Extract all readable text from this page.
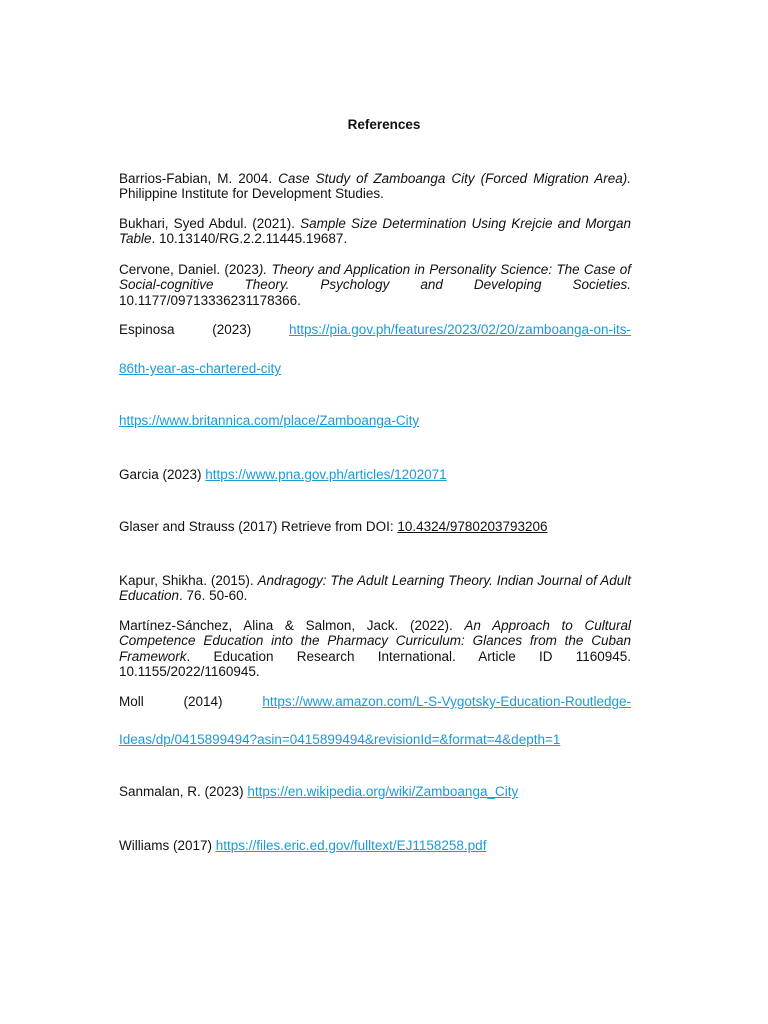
References
Barrios-Fabian, M. 2004. Case Study of Zamboanga City (Forced Migration Area). Philippine Institute for Development Studies.
Bukhari, Syed Abdul. (2021). Sample Size Determination Using Krejcie and Morgan Table. 10.13140/RG.2.2.11445.19687.
Cervone, Daniel. (2023). Theory and Application in Personality Science: The Case of Social-cognitive Theory. Psychology and Developing Societies. 10.1177/09713336231178366.
Espinosa	(2023)	https://pia.gov.ph/features/2023/02/20/zamboanga-on-its-
86th-year-as-chartered-city
https://www.britannica.com/place/Zamboanga-City
Garcia (2023) https://www.pna.gov.ph/articles/1202071
Glaser and Strauss (2017) Retrieve from DOI: 10.4324/9780203793206
Kapur, Shikha. (2015). Andragogy: The Adult Learning Theory. Indian Journal of Adult Education. 76. 50-60.
Martínez-Sánchez, Alina & Salmon, Jack. (2022). An Approach to Cultural Competence Education into the Pharmacy Curriculum: Glances from the Cuban Framework. Education Research International. Article ID 1160945. 10.1155/2022/1160945.
Moll	(2014)	https://www.amazon.com/L-S-Vygotsky-Education-Routledge-
Ideas/dp/0415899494?asin=0415899494&revisionId=&format=4&depth=1
Sanmalan, R. (2023) https://en.wikipedia.org/wiki/Zamboanga_City
Williams (2017) https://files.eric.ed.gov/fulltext/EJ1158258.pdf
